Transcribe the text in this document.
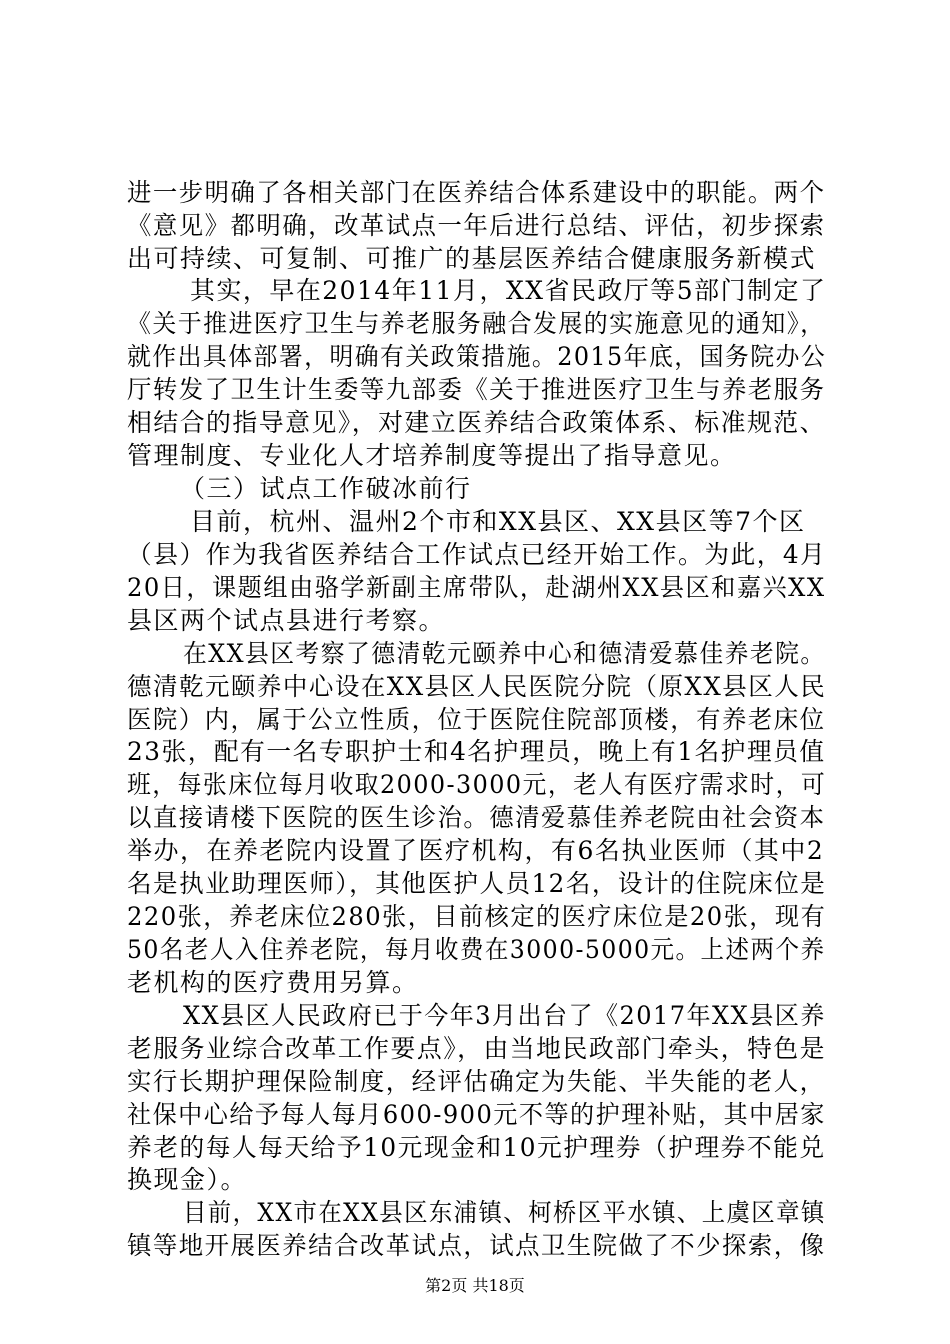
进一步明确了各相关部门在医养结合体系建设中的职能。两个
《意见》都明确，改革试点一年后进行总结、评估，初步探索
出可持续、可复制、可推广的基层医养结合健康服务新模式
其实，早在2014年11月，XX省民政厅等5部门制定了
《关于推进医疗卫生与养老服务融合发展的实施意见的通知》，
就作出具体部署，明确有关政策措施。2015年底，国务院办公
厅转发了卫生计生委等九部委《关于推进医疗卫生与养老服务
相结合的指导意见》，对建立医养结合政策体系、标准规范、
管理制度、专业化人才培养制度等提出了指导意见。
（三）试点工作破冰前行
目前，杭州、温州2个市和XX县区、XX县区等7个区
（县）作为我省医养结合工作试点已经开始工作。为此，4月
20日，课题组由骆学新副主席带队，赴湖州XX县区和嘉兴XX
县区两个试点县进行考察。
在XX县区考察了德清乾元颐养中心和德清爱慕佳养老院。
德清乾元颐养中心设在XX县区人民医院分院（原XX县区人民
医院）内，属于公立性质，位于医院住院部顶楼，有养老床位
23张，配有一名专职护士和4名护理员，晚上有1名护理员值
班，每张床位每月收取2000-3000元，老人有医疗需求时，可
以直接请楼下医院的医生诊治。德清爱慕佳养老院由社会资本
举办，在养老院内设置了医疗机构，有6名执业医师（其中2
名是执业助理医师），其他医护人员12名，设计的住院床位是
220张，养老床位280张，目前核定的医疗床位是20张，现有
50名老人入住养老院，每月收费在3000-5000元。上述两个养
老机构的医疗费用另算。
XX县区人民政府已于今年3月出台了《2017年XX县区养
老服务业综合改革工作要点》，由当地民政部门牵头，特色是
实行长期护理保险制度，经评估确定为失能、半失能的老人，
社保中心给予每人每月600-900元不等的护理补贴，其中居家
养老的每人每天给予10元现金和10元护理券（护理券不能兑
换现金）。
目前，XX市在XX县区东浦镇、柯桥区平水镇、上虞区章镇
镇等地开展医养结合改革试点，试点卫生院做了不少探索，像
第2页 共18页
